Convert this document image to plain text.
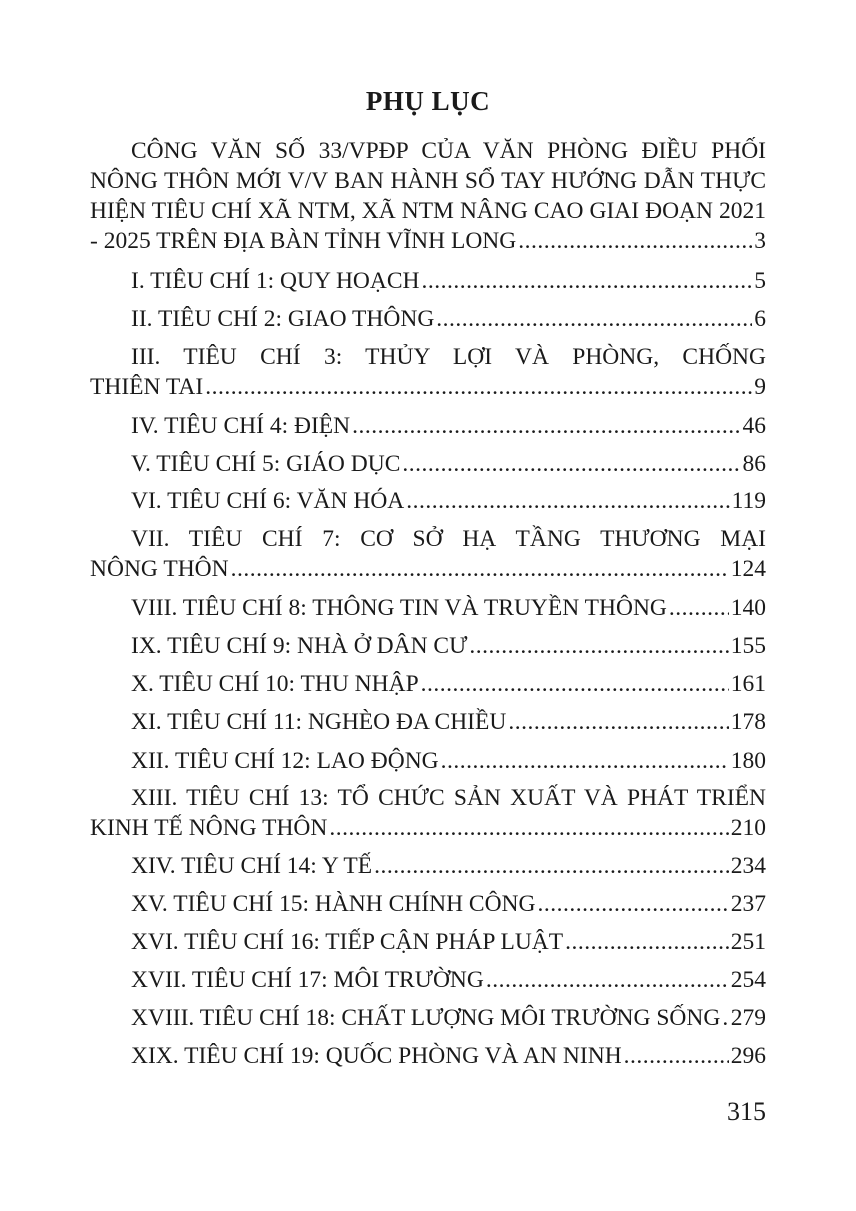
PHỤ LỤC
CÔNG VĂN SỐ 33/VPĐP CỦA VĂN PHÒNG ĐIỀU PHỐI
NÔNG THÔN MỚI V/V BAN HÀNH SỔ TAY HƯỚNG DẪN THỰC
HIỆN TIÊU CHÍ XÃ NTM, XÃ NTM NÂNG CAO GIAI ĐOẠN 2021
- 2025 TRÊN ĐỊA BÀN TỈNH VĨNH LONG .....	3
I. TIÊU CHÍ 1: QUY HOẠCH .....	5
II. TIÊU CHÍ 2: GIAO THÔNG .....	6
III. TIÊU CHÍ 3: THỦY LỢI VÀ PHÒNG, CHỐNG
THIÊN TAI .....	9
IV. TIÊU CHÍ 4: ĐIỆN .....	46
V. TIÊU CHÍ 5: GIÁO DỤC .....	86
VI. TIÊU CHÍ 6: VĂN HÓA .....	119
VII. TIÊU CHÍ 7: CƠ SỞ HẠ TẦNG THƯƠNG MẠI
NÔNG THÔN .....	124
VIII. TIÊU CHÍ 8: THÔNG TIN VÀ TRUYỀN THÔNG .....	140
IX. TIÊU CHÍ 9: NHÀ Ở DÂN CƯ .....	155
X. TIÊU CHÍ 10: THU NHẬP .....	161
XI. TIÊU CHÍ 11: NGHÈO ĐA CHIỀU .....	178
XII. TIÊU CHÍ 12: LAO ĐỘNG .....	180
XIII. TIÊU CHÍ 13: TỔ CHỨC SẢN XUẤT VÀ PHÁT TRIỂN
KINH TẾ NÔNG THÔN .....	210
XIV. TIÊU CHÍ 14: Y TẾ .....	234
XV. TIÊU CHÍ 15: HÀNH CHÍNH CÔNG .....	237
XVI. TIÊU CHÍ 16: TIẾP CẬN PHÁP LUẬT .....	251
XVII. TIÊU CHÍ 17: MÔI TRƯỜNG .....	254
XVIII. TIÊU CHÍ 18: CHẤT LƯỢNG MÔI TRƯỜNG SỐNG ..... 279
XIX. TIÊU CHÍ 19: QUỐC PHÒNG VÀ AN NINH .....	296
315
